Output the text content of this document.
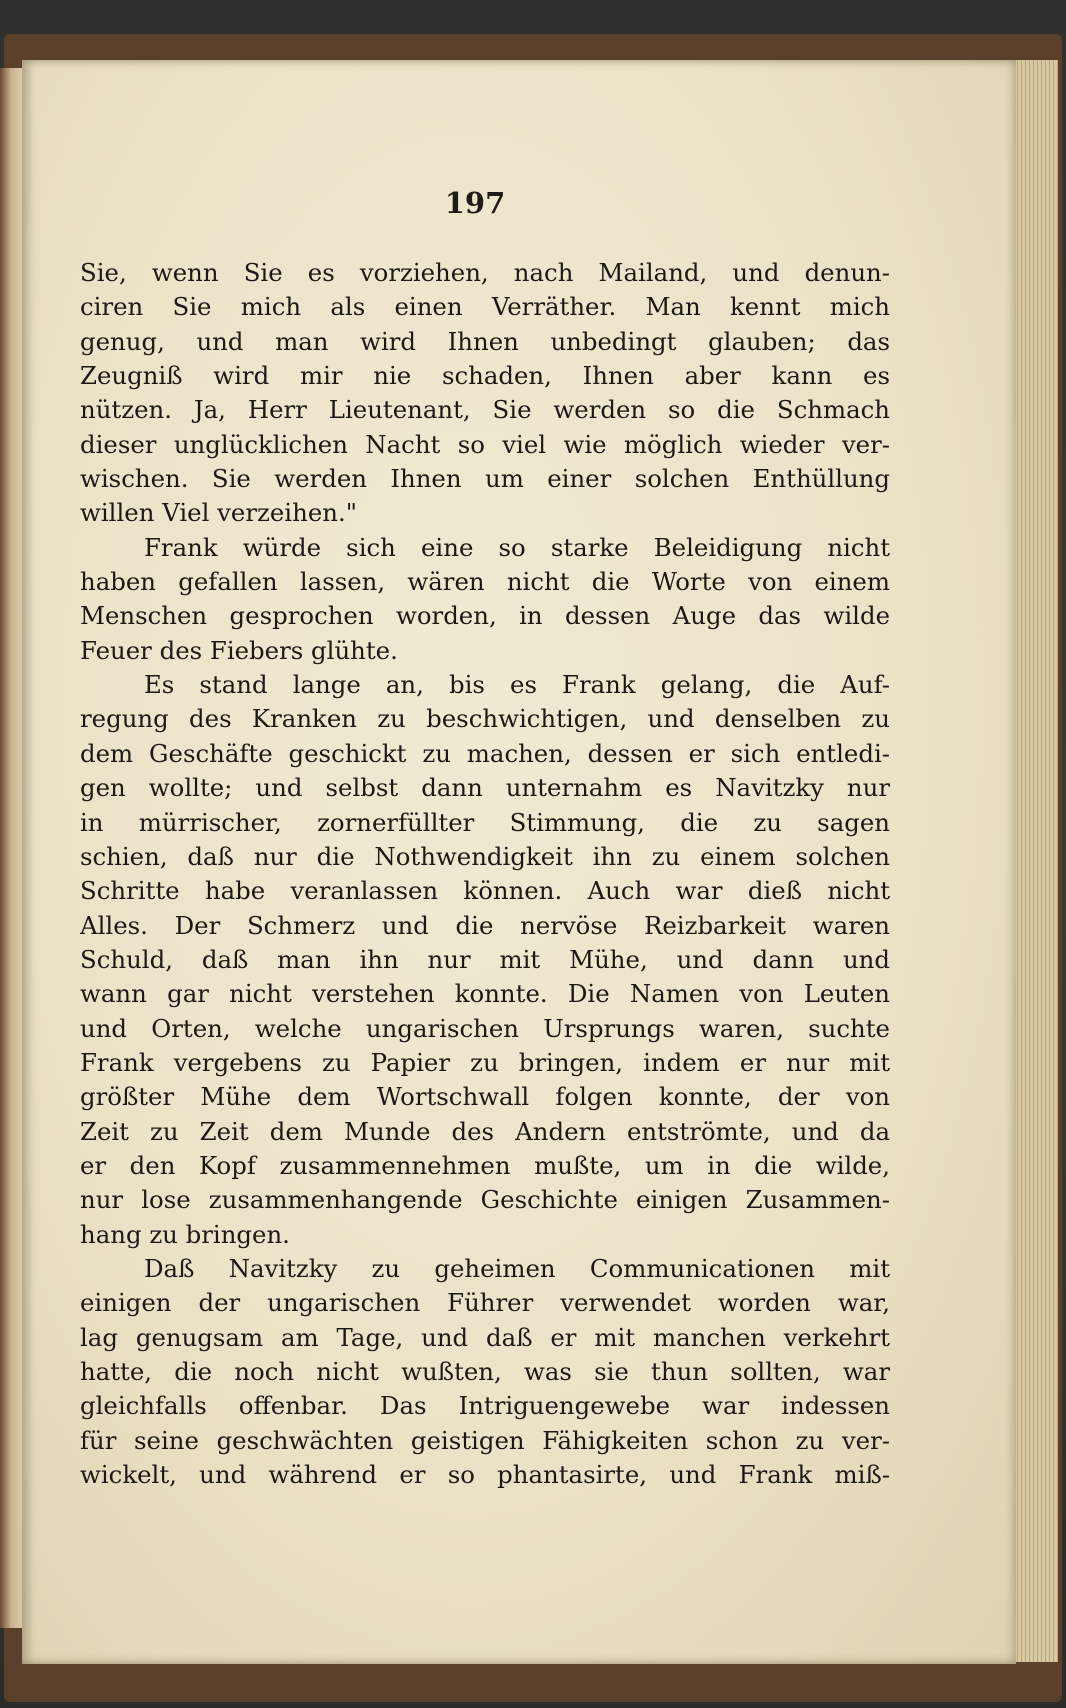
197
Sie, wenn Sie es vorziehen, nach Mailand, und denun-
ciren Sie mich als einen Verräther. Man kennt mich
genug, und man wird Ihnen unbedingt glauben; das
Zeugniß wird mir nie schaden, Ihnen aber kann es
nützen. Ja, Herr Lieutenant, Sie werden so die Schmach
dieser unglücklichen Nacht so viel wie möglich wieder ver-
wischen. Sie werden Ihnen um einer solchen Enthüllung
willen Viel verzeihen."
Frank würde sich eine so starke Beleidigung nicht
haben gefallen lassen, wären nicht die Worte von einem
Menschen gesprochen worden, in dessen Auge das wilde
Feuer des Fiebers glühte.
Es stand lange an, bis es Frank gelang, die Auf-
regung des Kranken zu beschwichtigen, und denselben zu
dem Geschäfte geschickt zu machen, dessen er sich entledi-
gen wollte; und selbst dann unternahm es Navitzky nur
in mürrischer, zornerfüllter Stimmung, die zu sagen
schien, daß nur die Nothwendigkeit ihn zu einem solchen
Schritte habe veranlassen können. Auch war dieß nicht
Alles. Der Schmerz und die nervöse Reizbarkeit waren
Schuld, daß man ihn nur mit Mühe, und dann und
wann gar nicht verstehen konnte. Die Namen von Leuten
und Orten, welche ungarischen Ursprungs waren, suchte
Frank vergebens zu Papier zu bringen, indem er nur mit
größter Mühe dem Wortschwall folgen konnte, der von
Zeit zu Zeit dem Munde des Andern entströmte, und da
er den Kopf zusammennehmen mußte, um in die wilde,
nur lose zusammenhangende Geschichte einigen Zusammen-
hang zu bringen.
Daß Navitzky zu geheimen Communicationen mit
einigen der ungarischen Führer verwendet worden war,
lag genugsam am Tage, und daß er mit manchen verkehrt
hatte, die noch nicht wußten, was sie thun sollten, war
gleichfalls offenbar. Das Intriguengewebe war indessen
für seine geschwächten geistigen Fähigkeiten schon zu ver-
wickelt, und während er so phantasirte, und Frank miß-
